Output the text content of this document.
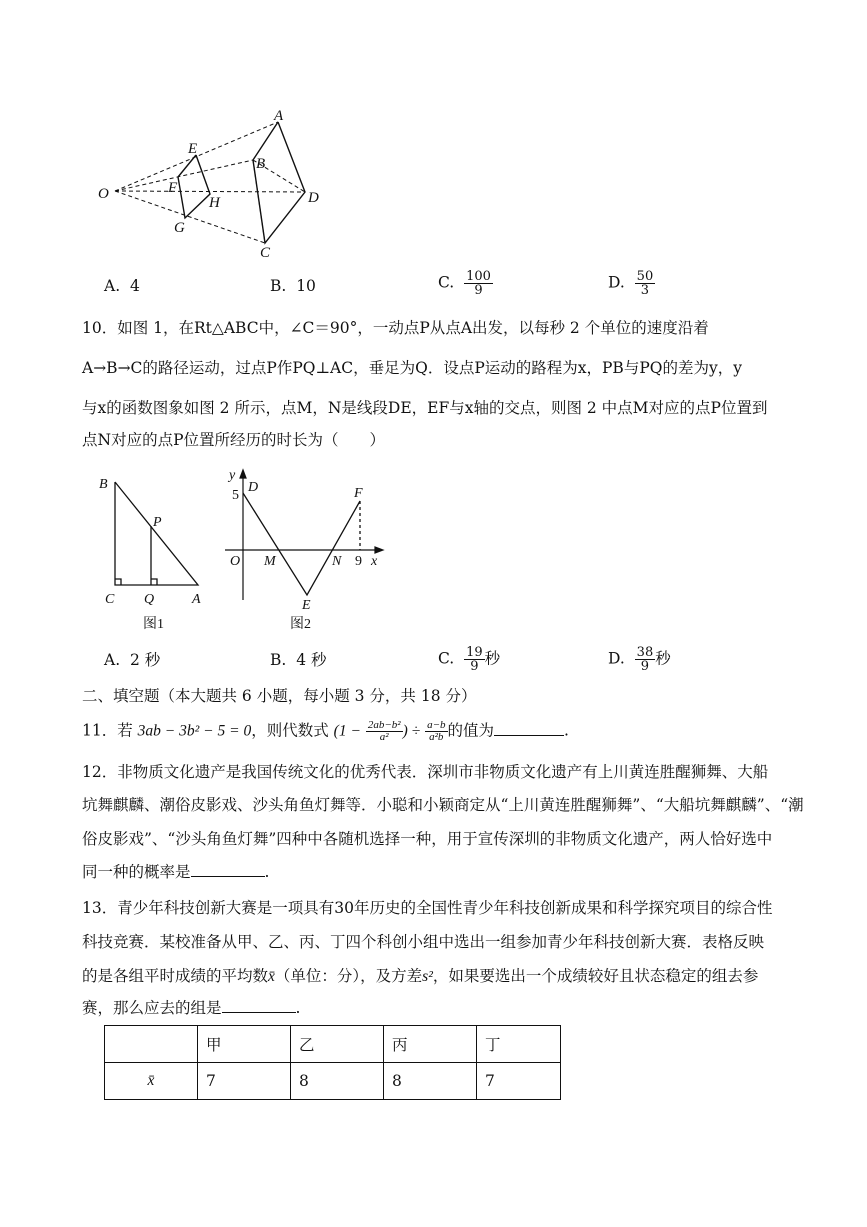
A
E
B
O	F
H	D
G
C
A. 4	B. 10	C. $\frac{100}{9}$	D. $\frac{50}{3}$
10．如图 1，在Rt△ABC中，∠C＝90°，一动点P从点A出发，以每秒 2 个单位的速度沿着
A→B→C的路径运动，过点P作PQ⊥AC，垂足为Q．设点P运动的路程为x，PB与PQ的差为y，y
与x的函数图象如图 2 所示，点M，N是线段DE，EF与x轴的交点，则图 2 中点M对应的点P位置到
点N对应的点P位置所经历的时长为（　　）
B
P
C Q	A
图1
y
5
D	F
O M	N 9 x
E
图2
A. 2 秒	B. 4 秒	C. $\frac{19}{9}$ 秒	D. $\frac{38}{9}$ 秒
二、填空题（本大题共 6 小题，每小题 3 分，共 18 分）
11．若 3ab − 3b² − 5 = 0，则代数式 ($1 - \frac{\text{2ab−b²}}{\text{a²}}$ ) ÷ $\frac{a-b}{\text{a²b}}$ 的值为	.
12．非物质文化遗产是我国传统文化的优秀代表．深圳市非物质文化遗产有上川黄连胜醒狮舞、大船
坑舞麒麟、潮俗皮影戏、沙头角鱼灯舞等．小聪和小颖商定从“上川黄连胜醒狮舞”、“大船坑舞麒麟”、“潮
俗皮影戏”、“沙头角鱼灯舞”四种中各随机选择一种，用于宣传深圳的非物质文化遗产，两人恰好选中
同一种的概率是	.
13．青少年科技创新大赛是一项具有30年历史的全国性青少年科技创新成果和科学探究项目的综合性
科技竞赛．某校准备从甲、乙、丙、丁四个科创小组中选出一组参加青少年科技创新大赛．表格反映
的是各组平时成绩的平均数x̄（单位：分），及方差s²，如果要选出一个成绩较好且状态稳定的组去参
赛，那么应去的组是	.
	甲	乙	丙	丁
x̄	7	8	8	7
